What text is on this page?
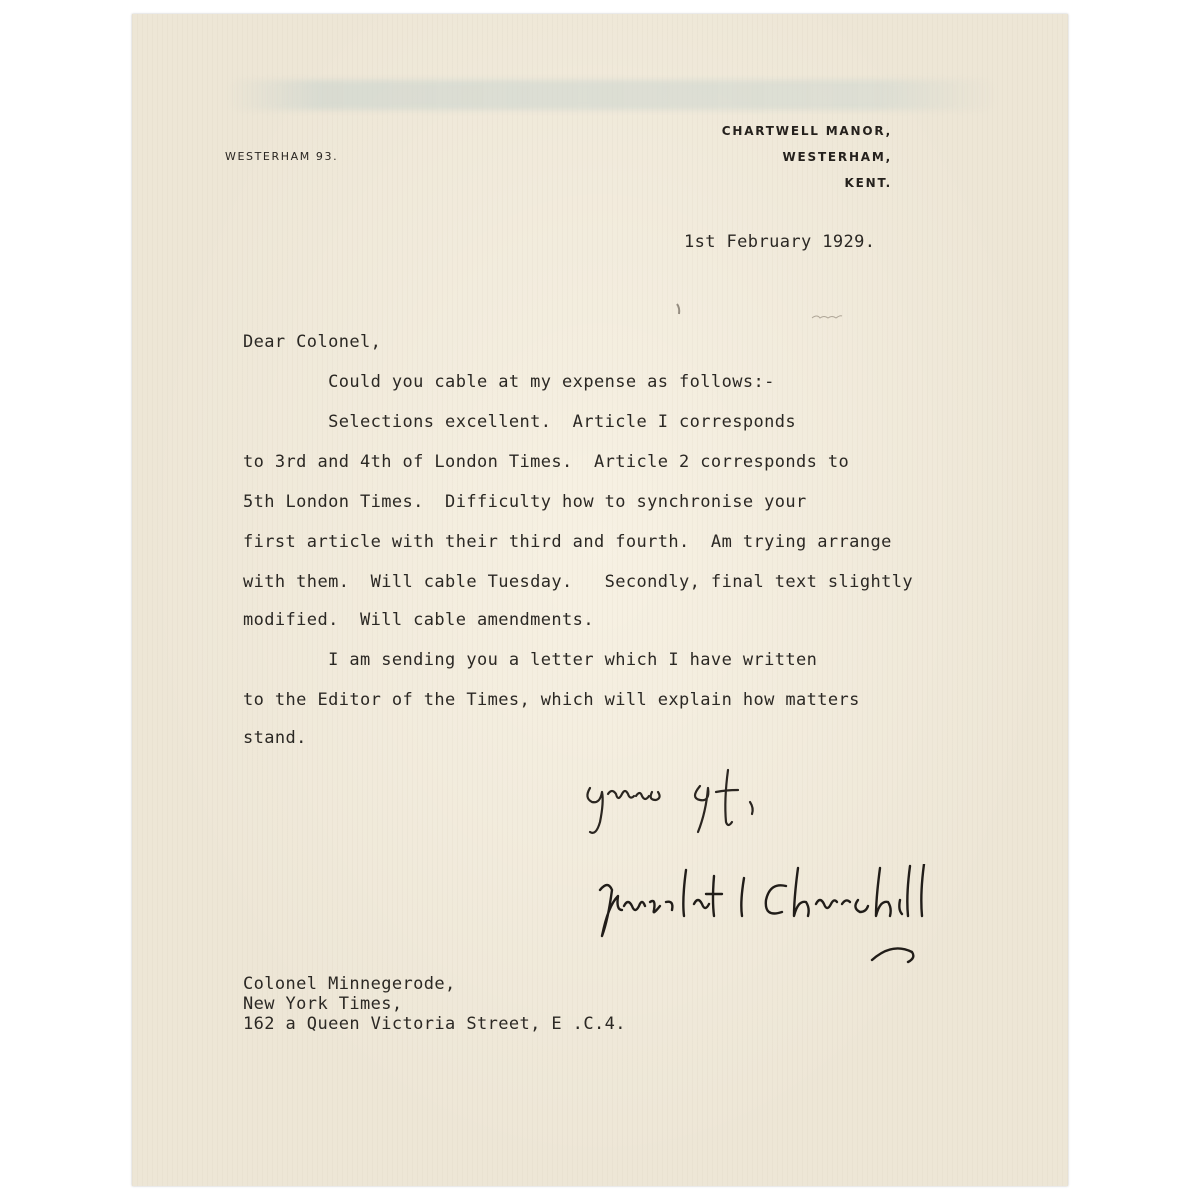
WESTERHAM 93.

CHARTWELL MANOR,
WESTERHAM,
KENT.

1st February 1929.

Dear Colonel,

Could you cable at my expense as follows:-

Selections excellent.  Article I corresponds

to 3rd and 4th of London Times.  Article 2 corresponds to

5th London Times.  Difficulty how to synchronise your

first article with their third and fourth.  Am trying arrange

with them.  Will cable Tuesday.   Secondly, final text slightly

modified.  Will cable amendments.

I am sending you a letter which I have written

to the Editor of the Times, which will explain how matters

stand.

Colonel Minnegerode,

New York Times,

162 a Queen Victoria Street, E .C.4.
